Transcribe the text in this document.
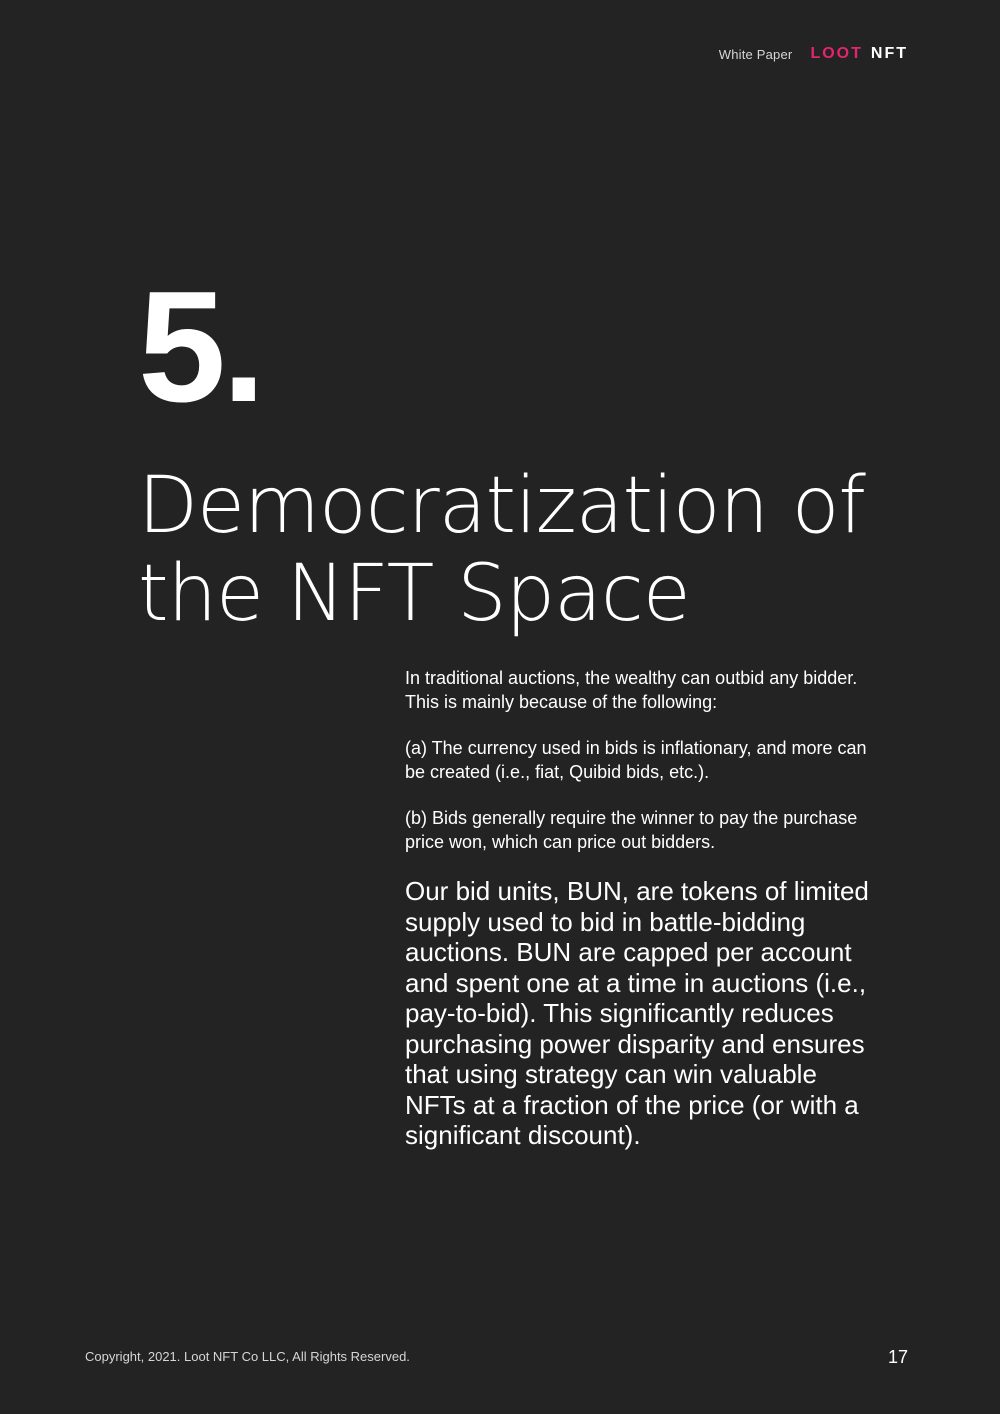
White Paper LOOT NFT
5.
Democratization of the NFT Space

In traditional auctions, the wealthy can outbid any bidder. This is mainly because of the following:

(a) The currency used in bids is inflationary, and more can be created (i.e., fiat, Quibid bids, etc.).

(b) Bids generally require the winner to pay the purchase price won, which can price out bidders.

Our bid units, BUN, are tokens of limited supply used to bid in battle-bidding auctions. BUN are capped per account and spent one at a time in auctions (i.e., pay-to-bid). This significantly reduces purchasing power disparity and ensures that using strategy can win valuable NFTs at a fraction of the price (or with a significant discount).

Copyright, 2021. Loot NFT Co LLC, All Rights Reserved.	17
